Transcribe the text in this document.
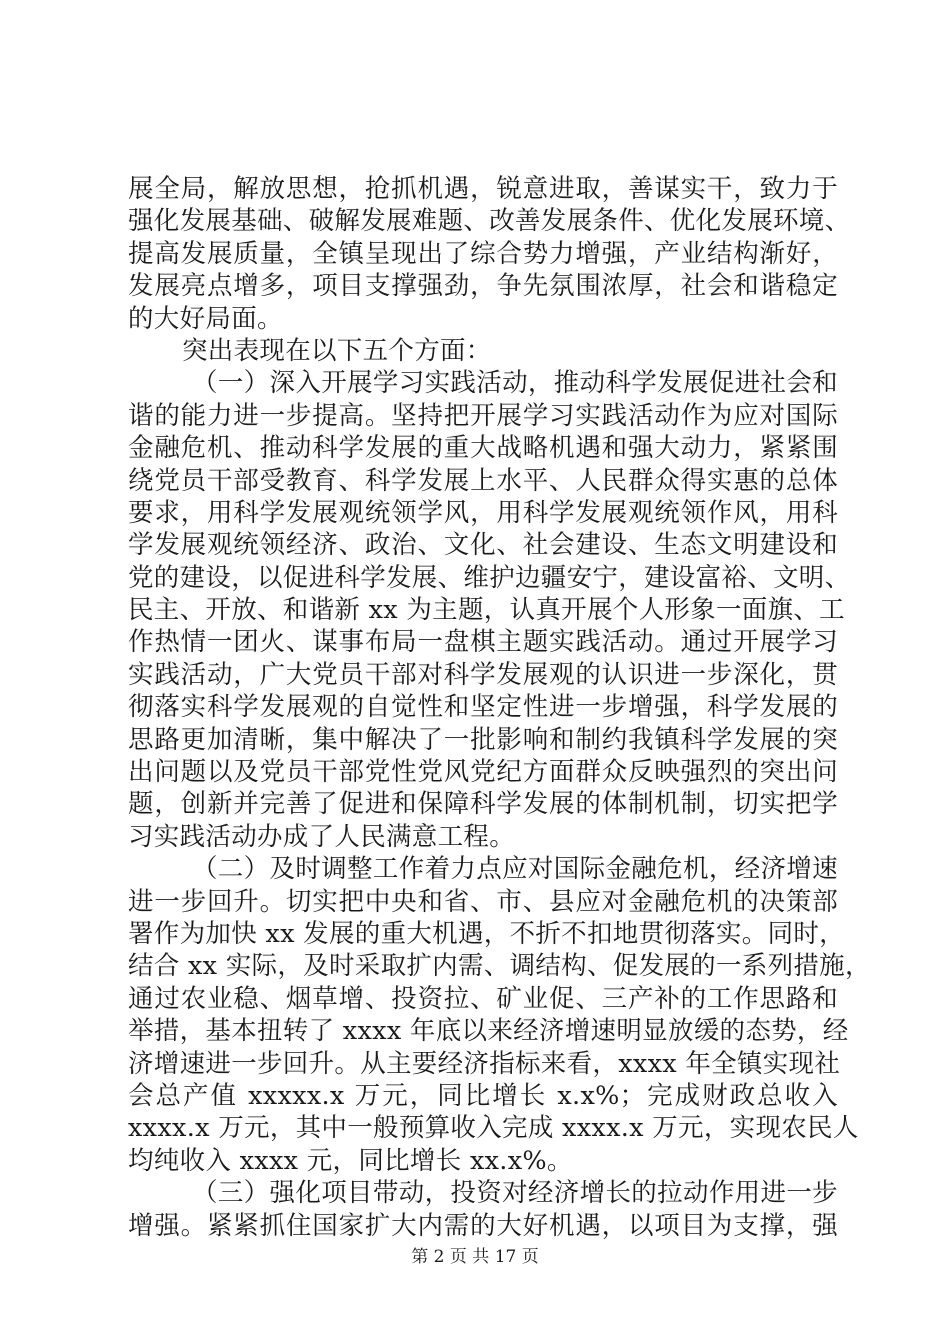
展全局，解放思想，抢抓机遇，锐意进取，善谋实干，致力于
强化发展基础、破解发展难题、改善发展条件、优化发展环境、
提高发展质量，全镇呈现出了综合势力增强，产业结构渐好，
发展亮点增多，项目支撑强劲，争先氛围浓厚，社会和谐稳定
的大好局面。
突出表现在以下五个方面：
（一）深入开展学习实践活动，推动科学发展促进社会和
谐的能力进一步提高。坚持把开展学习实践活动作为应对国际
金融危机、推动科学发展的重大战略机遇和强大动力，紧紧围
绕党员干部受教育、科学发展上水平、人民群众得实惠的总体
要求，用科学发展观统领学风，用科学发展观统领作风，用科
学发展观统领经济、政治、文化、社会建设、生态文明建设和
党的建设，以促进科学发展、维护边疆安宁，建设富裕、文明、
民主、开放、和谐新 xx 为主题，认真开展个人形象一面旗、工
作热情一团火、谋事布局一盘棋主题实践活动。通过开展学习
实践活动，广大党员干部对科学发展观的认识进一步深化，贯
彻落实科学发展观的自觉性和坚定性进一步增强，科学发展的
思路更加清晰，集中解决了一批影响和制约我镇科学发展的突
出问题以及党员干部党性党风党纪方面群众反映强烈的突出问
题，创新并完善了促进和保障科学发展的体制机制，切实把学
习实践活动办成了人民满意工程。
（二）及时调整工作着力点应对国际金融危机，经济增速
进一步回升。切实把中央和省、市、县应对金融危机的决策部
署作为加快 xx 发展的重大机遇，不折不扣地贯彻落实。同时，
结合 xx 实际，及时采取扩内需、调结构、促发展的一系列措施，
通过农业稳、烟草增、投资拉、矿业促、三产补的工作思路和
举措，基本扭转了 xxxx 年底以来经济增速明显放缓的态势，经
济增速进一步回升。从主要经济指标来看，xxxx 年全镇实现社
会总产值 xxxxx.x 万元，同比增长 x.x%；完成财政总收入
xxxx.x 万元，其中一般预算收入完成 xxxx.x 万元，实现农民人
均纯收入 xxxx 元，同比增长 xx.x%。
（三）强化项目带动，投资对经济增长的拉动作用进一步
增强。紧紧抓住国家扩大内需的大好机遇，以项目为支撑，强
第 2 页 共 17 页
